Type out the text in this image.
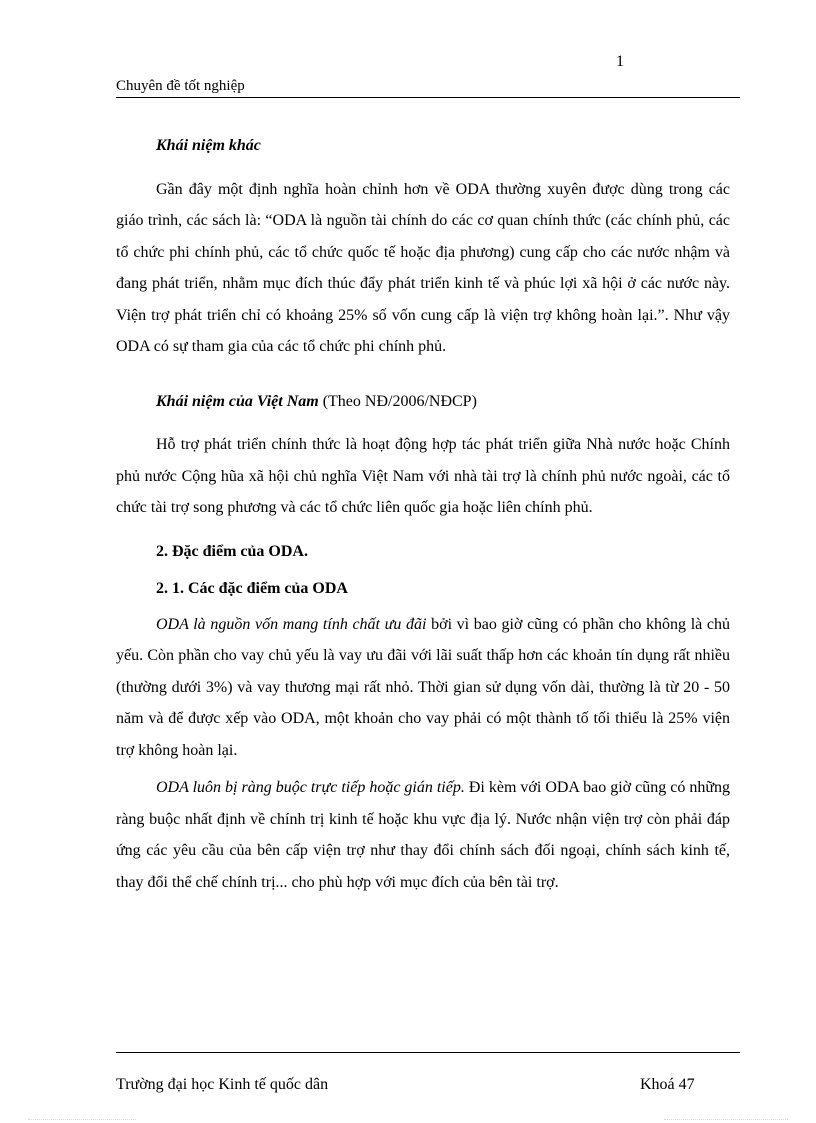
1
Chuyên đề tốt nghiệp

Khái niệm khác

Gần đây một định nghĩa hoàn chỉnh hơn về ODA thường xuyên được dùng trong các giáo trình, các sách là: “ODA là nguồn tài chính do các cơ quan chính thức (các chính phủ, các tổ chức phi chính phủ, các tổ chức quốc tế hoặc địa phương) cung cấp cho các nước nhậm và đang phát triển, nhằm mục đích thúc đẩy phát triển kinh tế và phúc lợi xã hội ở các nước này. Viện trợ phát triển chỉ có khoảng 25% số vốn cung cấp là viện trợ không hoàn lại.”. Như vậy ODA có sự tham gia của các tổ chức phi chính phủ.

Khái niệm của Việt Nam (Theo NĐ/2006/NĐCP)

Hỗ trợ phát triển chính thức là hoạt động hợp tác phát triển giữa Nhà nước hoặc Chính phủ nước Cộng hũa xã hội chủ nghĩa Việt Nam với nhà tài trợ là chính phủ nước ngoài, các tổ chức tài trợ song phương và các tổ chức liên quốc gia hoặc liên chính phủ.

2. Đặc điểm của ODA.

2. 1. Các đặc điểm của ODA

ODA là nguồn vốn mang tính chất ưu đãi bởi vì bao giờ cũng có phần cho không là chủ yếu. Còn phần cho vay chủ yếu là vay ưu đãi với lãi suất thấp hơn các khoản tín dụng rất nhiều (thường dưới 3%) và vay thương mại rất nhỏ. Thời gian sử dụng vốn dài, thường là từ 20 - 50 năm và để được xếp vào ODA, một khoản cho vay phải có một thành tố tối thiểu là 25% viện trợ không hoàn lại.

ODA luôn bị ràng buộc trực tiếp hoặc gián tiếp. Đi kèm với ODA bao giờ cũng có những ràng buộc nhất định về chính trị kinh tế hoặc khu vực địa lý. Nước nhận viện trợ còn phải đáp ứng các yêu cầu của bên cấp viện trợ như thay đổi chính sách đối ngoại, chính sách kinh tế, thay đổi thể chế chính trị... cho phù hợp với mục đích của bên tài trợ.

Trường đại học Kinh tế quốc dân	Khoá 47
